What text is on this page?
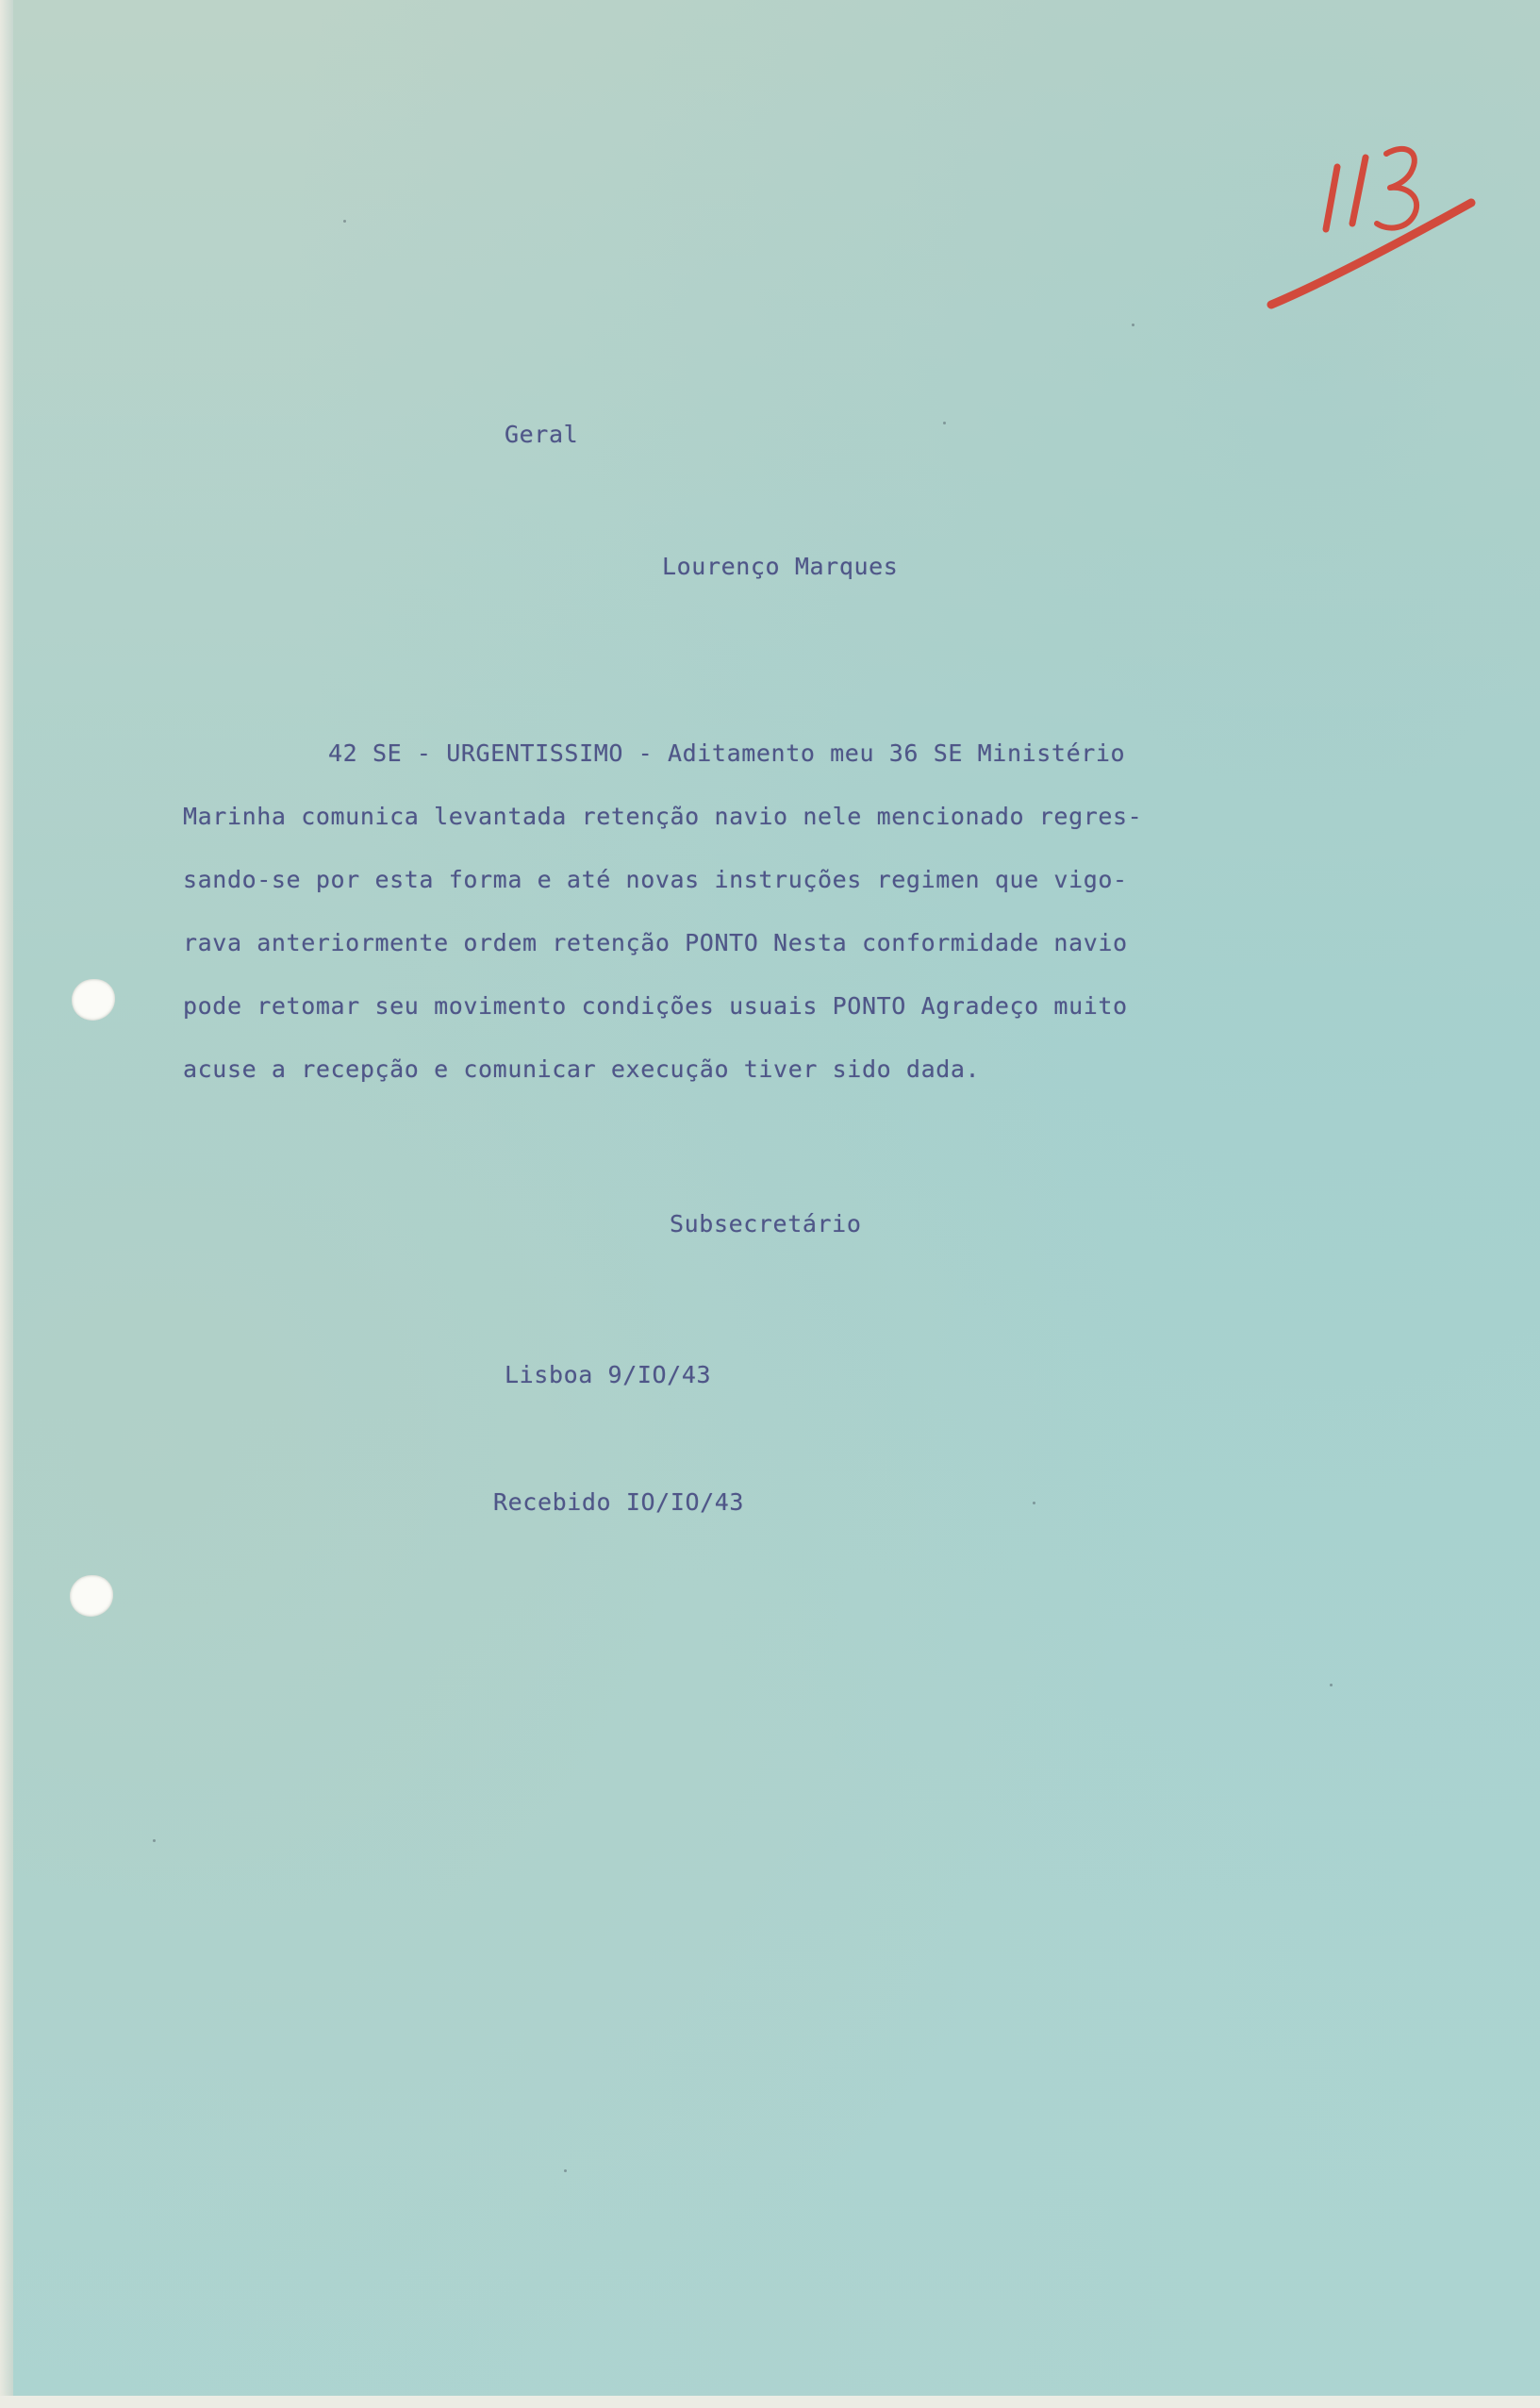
Geral
Lourenço Marques
42 SE - URGENTISSIMO - Aditamento meu 36 SE Ministério
Marinha comunica levantada retenção navio nele mencionado regres-
sando-se por esta forma e até novas instruções regimen que vigo-
rava anteriormente ordem retenção PONTO Nesta conformidade navio
pode retomar seu movimento condições usuais PONTO Agradeço muito
acuse a recepção e comunicar execução tiver sido dada.
Subsecretário
Lisboa 9/IO/43
Recebido IO/IO/43
